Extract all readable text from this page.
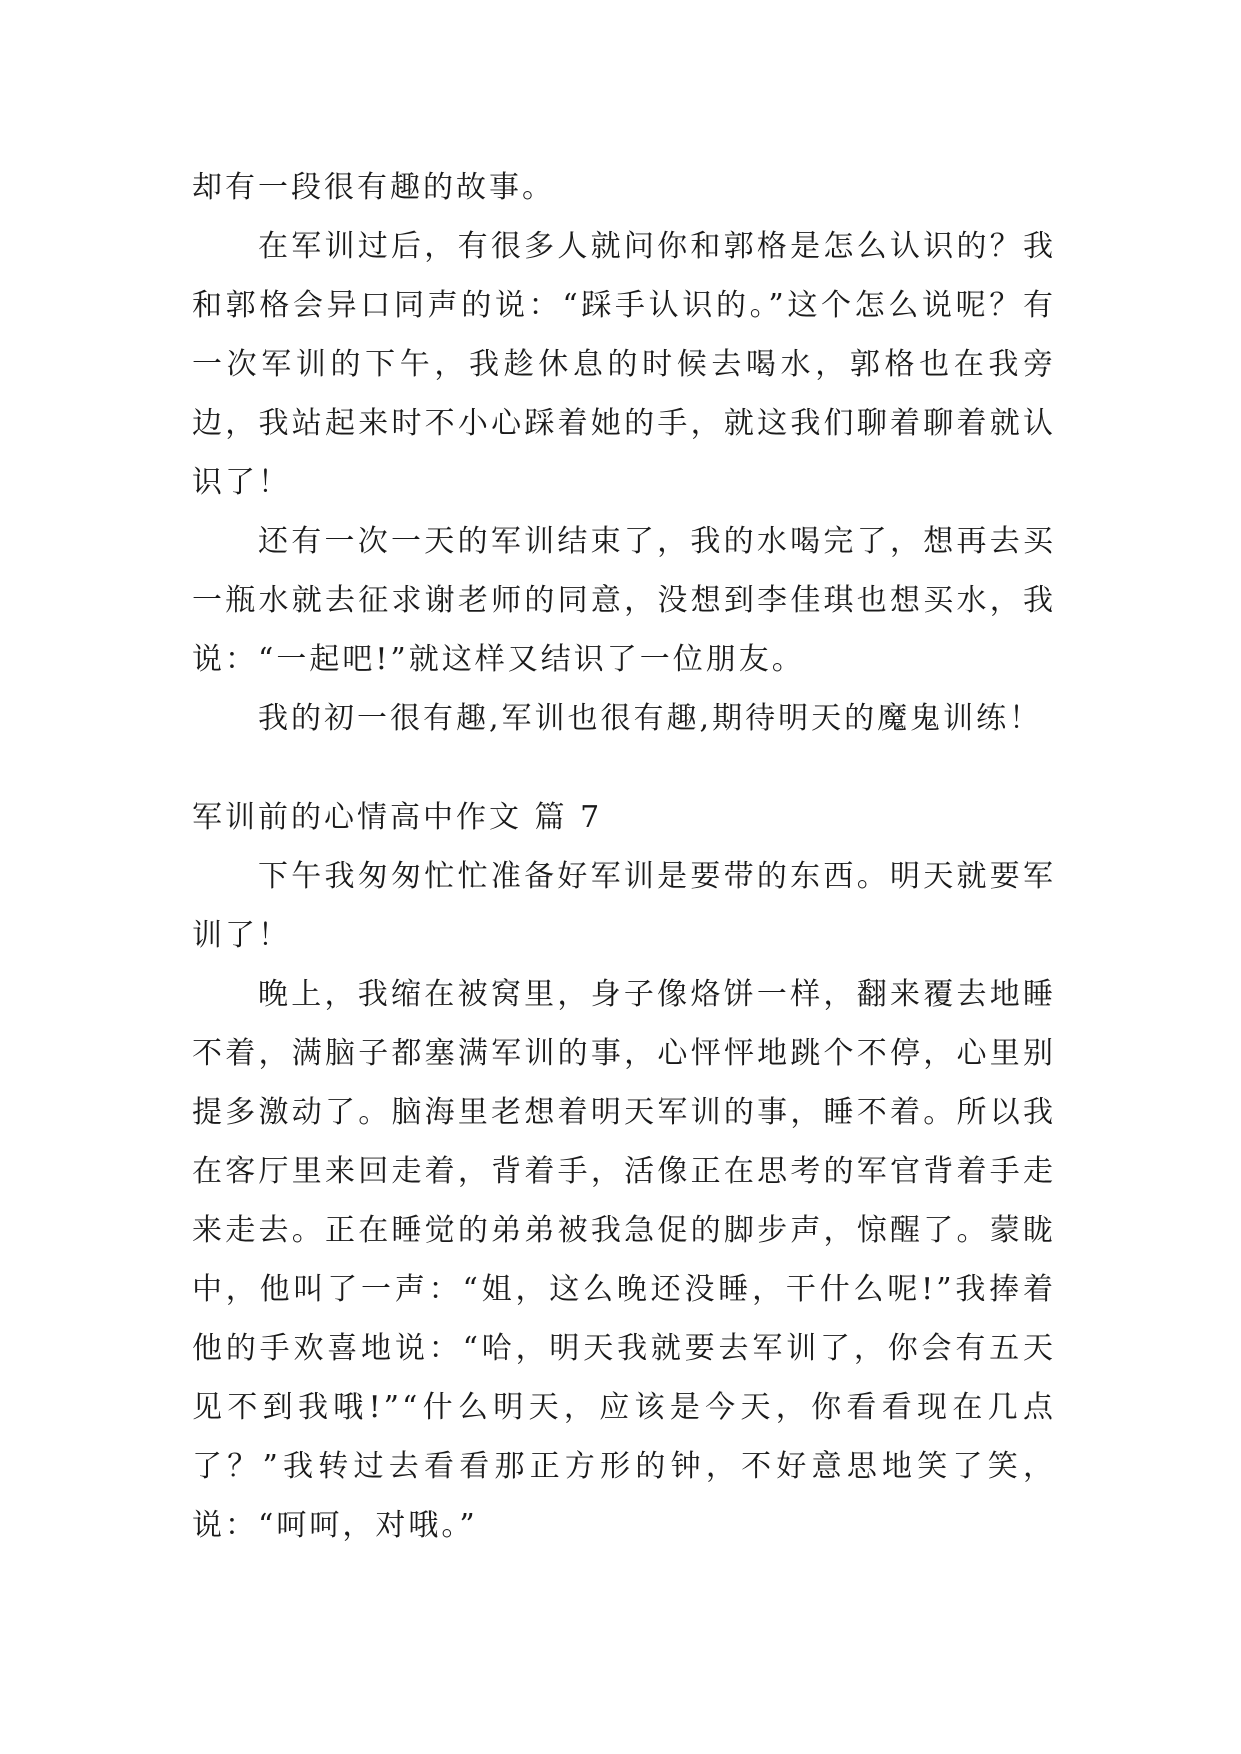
却有一段很有趣的故事。

在军训过后，有很多人就问你和郭格是怎么认识的？我和郭格会异口同声的说：“踩手认识的。”这个怎么说呢？有一次军训的下午，我趁休息的时候去喝水，郭格也在我旁边，我站起来时不小心踩着她的手，就这我们聊着聊着就认识了！

还有一次一天的军训结束了，我的水喝完了，想再去买一瓶水就去征求谢老师的同意，没想到李佳琪也想买水，我说：“一起吧!”就这样又结识了一位朋友。

我的初一很有趣,军训也很有趣,期待明天的魔鬼训练！

军训前的心情高中作文 篇 7

下午我匆匆忙忙准备好军训是要带的东西。明天就要军训了！

晚上，我缩在被窝里，身子像烙饼一样，翻来覆去地睡不着，满脑子都塞满军训的事，心怦怦地跳个不停，心里别提多激动了。脑海里老想着明天军训的事，睡不着。所以我在客厅里来回走着，背着手，活像正在思考的军官背着手走来走去。正在睡觉的弟弟被我急促的脚步声，惊醒了。蒙眬中，他叫了一声：“姐，这么晚还没睡，干什么呢!”我捧着他的手欢喜地说：“哈，明天我就要去军训了，你会有五天见不到我哦!”“什么明天，应该是今天，你看看现在几点了？”我转过去看看那正方形的钟，不好意思地笑了笑，说：“呵呵，对哦。”
